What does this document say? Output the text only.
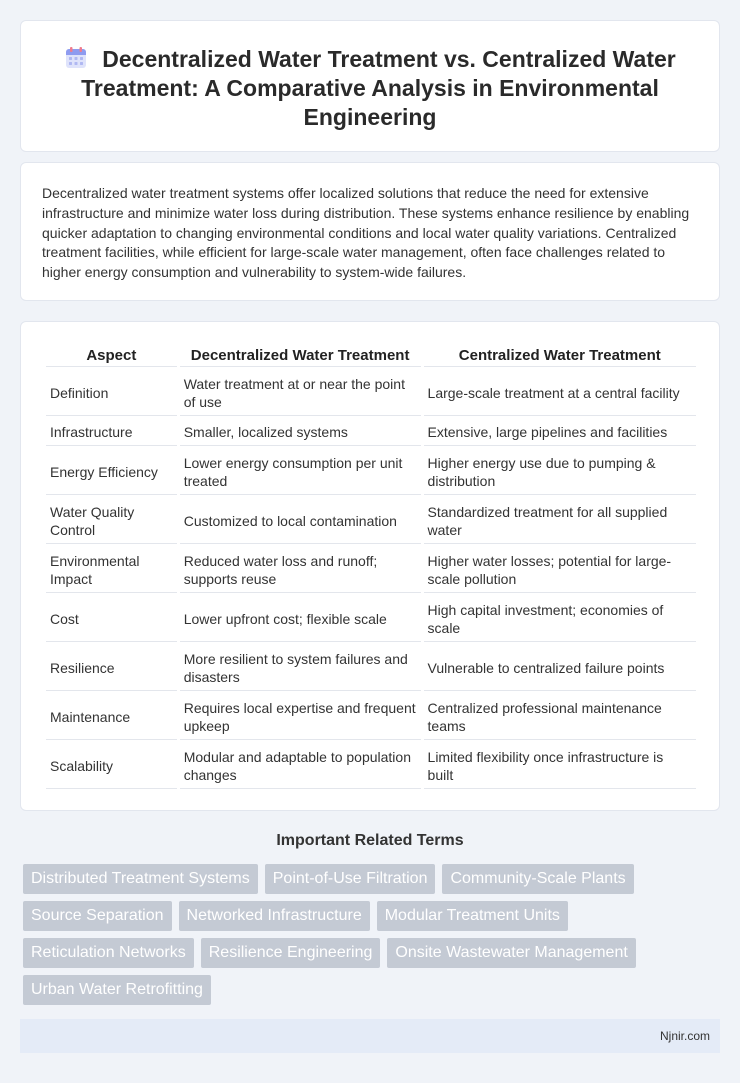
Decentralized Water Treatment vs. Centralized Water Treatment: A Comparative Analysis in Environmental Engineering

Decentralized water treatment systems offer localized solutions that reduce the need for extensive infrastructure and minimize water loss during distribution. These systems enhance resilience by enabling quicker adaptation to changing environmental conditions and local water quality variations. Centralized treatment facilities, while efficient for large-scale water management, often face challenges related to higher energy consumption and vulnerability to system-wide failures.

Aspect	Decentralized Water Treatment	Centralized Water Treatment
Definition	Water treatment at or near the point of use	Large-scale treatment at a central facility
Infrastructure	Smaller, localized systems	Extensive, large pipelines and facilities
Energy Efficiency	Lower energy consumption per unit treated	Higher energy use due to pumping & distribution
Water Quality Control	Customized to local contamination	Standardized treatment for all supplied water
Environmental Impact	Reduced water loss and runoff; supports reuse	Higher water losses; potential for large-scale pollution
Cost	Lower upfront cost; flexible scale	High capital investment; economies of scale
Resilience	More resilient to system failures and disasters	Vulnerable to centralized failure points
Maintenance	Requires local expertise and frequent upkeep	Centralized professional maintenance teams
Scalability	Modular and adaptable to population changes	Limited flexibility once infrastructure is built
Important Related Terms
Distributed Treatment Systems	Point-of-Use Filtration	Community-Scale Plants
Source Separation	Networked Infrastructure	Modular Treatment Units
Reticulation Networks	Resilience Engineering	Onsite Wastewater Management
Urban Water Retrofitting
Njnir.com
